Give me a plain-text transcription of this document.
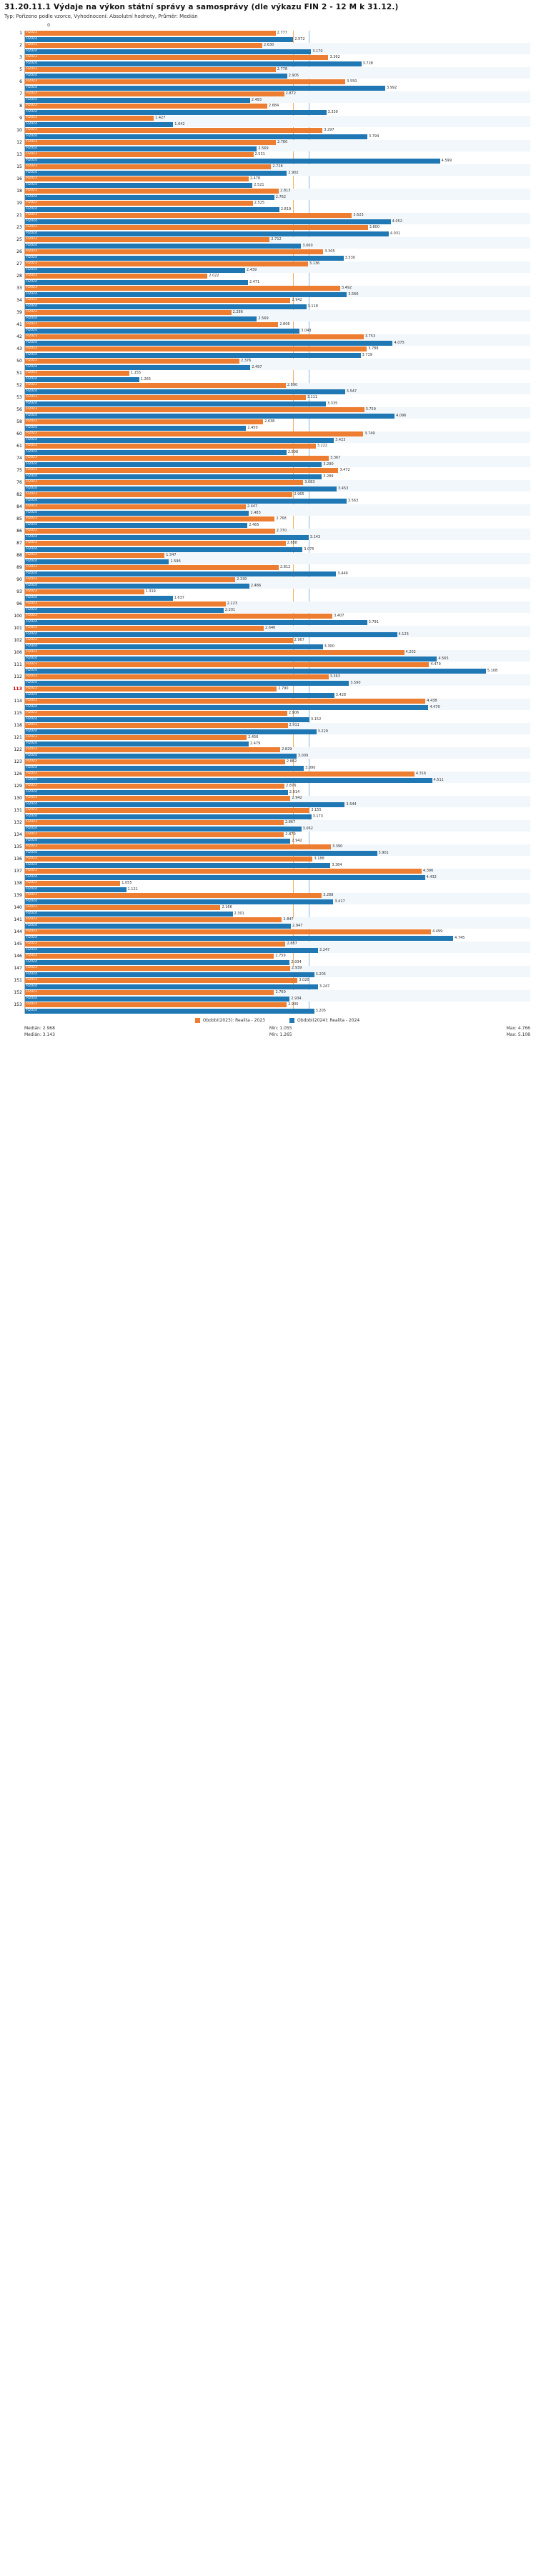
31.20.11.1 Výdaje na výkon státní správy a samosprávy (dle výkazu FIN 2 - 12 M k 31.12.)
Typ: Pořízeno podle vzorce, Vyhodnocení: Absolutní hodnoty, Průměr: Medián
0
1 R2023	2.777
R2024	2.972
2 R2023	2.630
R2024	3.170
3 R2023	3.362
R2024	3.728
5 R2023	2.778
R2024	2.905
6 R2023	3.550
R2024	3.992
7 R2023	2.872
R2024	2.493
8 R2023	2.684
R2024	3.339
9 R2023	1.427
R2024	1.642
10 R2023	3.297
R2024	3.794
12 R2023	2.780
R2024	2.569
13 R2023	2.531
R2024	4.599
15 R2023	2.728
R2024	2.902
16 R2023	2.478
R2024	2.521
18 R2023	2.813
R2024	2.762
19 R2023	2.525
R2024	2.819
21 R2023	3.623
R2024	4.052
23 R2023	3.800
R2024	4.031
25 R2023	2.712
R2024	3.060
26 R2023	3.305
R2024	3.530
27 R2023	3.136
R2024	2.439
28 R2023	2.022
R2024	2.471
33 R2023	3.492
R2024	3.566
34 R2023	2.942
R2024	3.118
39 R2023	2.286
R2024	2.569
41 R2023	2.806
R2024	3.043
42 R2023	3.753
R2024	4.075
43 R2023	3.788
R2024	3.719
50 R2023	2.376
R2024	2.497
51 R2023	1.155
R2024	1.265
52 R2023	2.890
R2024	3.547
53 R2023	3.111
R2024	3.335
56 R2023	3.759
R2024	4.096
58 R2023	2.638
R2024	2.450
60 R2023	3.749
R2024	3.423
61 R2023	3.222
R2024	2.898
74 R2023	3.367
R2024	3.290
75 R2023	3.472
R2024	3.289
76 R2023	3.083
R2024	3.453
82 R2023	2.965
R2024	3.563
84 R2023	2.447
R2024	2.483
85 R2023	2.768
R2024	2.465
86 R2023	2.770
R2024	3.143
87 R2023	2.888
R2024	3.075
88 R2023	1.547
R2024	1.596
89 R2023	2.812
R2024	3.449
90 R2023	2.330
R2024	2.486
93 R2023	1.319
R2024	1.637
96 R2023	2.223
R2024	2.201
100 R2023	3.407
R2024	3.791
101 R2023	2.646
R2024	4.123
102 R2023	2.967
R2024	3.300
106 R2023	4.202
R2024	4.565
111 R2023	4.479
R2024	5.108
112 R2023	3.363
R2024	3.590
113 R2023	2.790
R2024	3.428
114 R2023	4.438
R2024	4.470
115 R2023	2.906
R2024	3.152
118 R2023	2.911
R2024	3.229
121 R2023	2.456
R2024	2.479
122 R2023	2.829
R2024	3.009
123 R2023	2.882
R2024	3.090
126 R2023	4.316
R2024	4.511
129 R2023	2.876
R2024	2.914
130 R2023	2.942
R2024	3.544
131 R2023	3.155
R2024	3.173
132 R2023	2.867
R2024	3.062
134 R2023	2.870
R2024	2.942
135 R2023	3.390
R2024	3.901
136 R2023	3.188
R2024	3.384
137 R2023	4.396
R2024	4.432
138 R2023	1.055
R2024	1.121
139 R2023	3.288
R2024	3.417
140 R2023	2.166
R2024	2.301
141 R2023	2.847
R2024	2.947
144 R2023	4.499
R2024	4.745
145 R2023	2.887
R2024	3.247
146 R2023	2.759
R2024	2.934
147 R2023	2.939
R2024	3.205
151 R2023	3.020
R2024	3.247
152 R2023	2.760
R2024	2.934
153 R2023	2.900
R2024	3.205
Obdobi(2023): Realita - 2023	Obdobi(2024): Realita - 2024
Medián: 2.968
Medián: 3.143
Min: 1.055
Min: 1.265
Max: 4.766
Max: 5.108
